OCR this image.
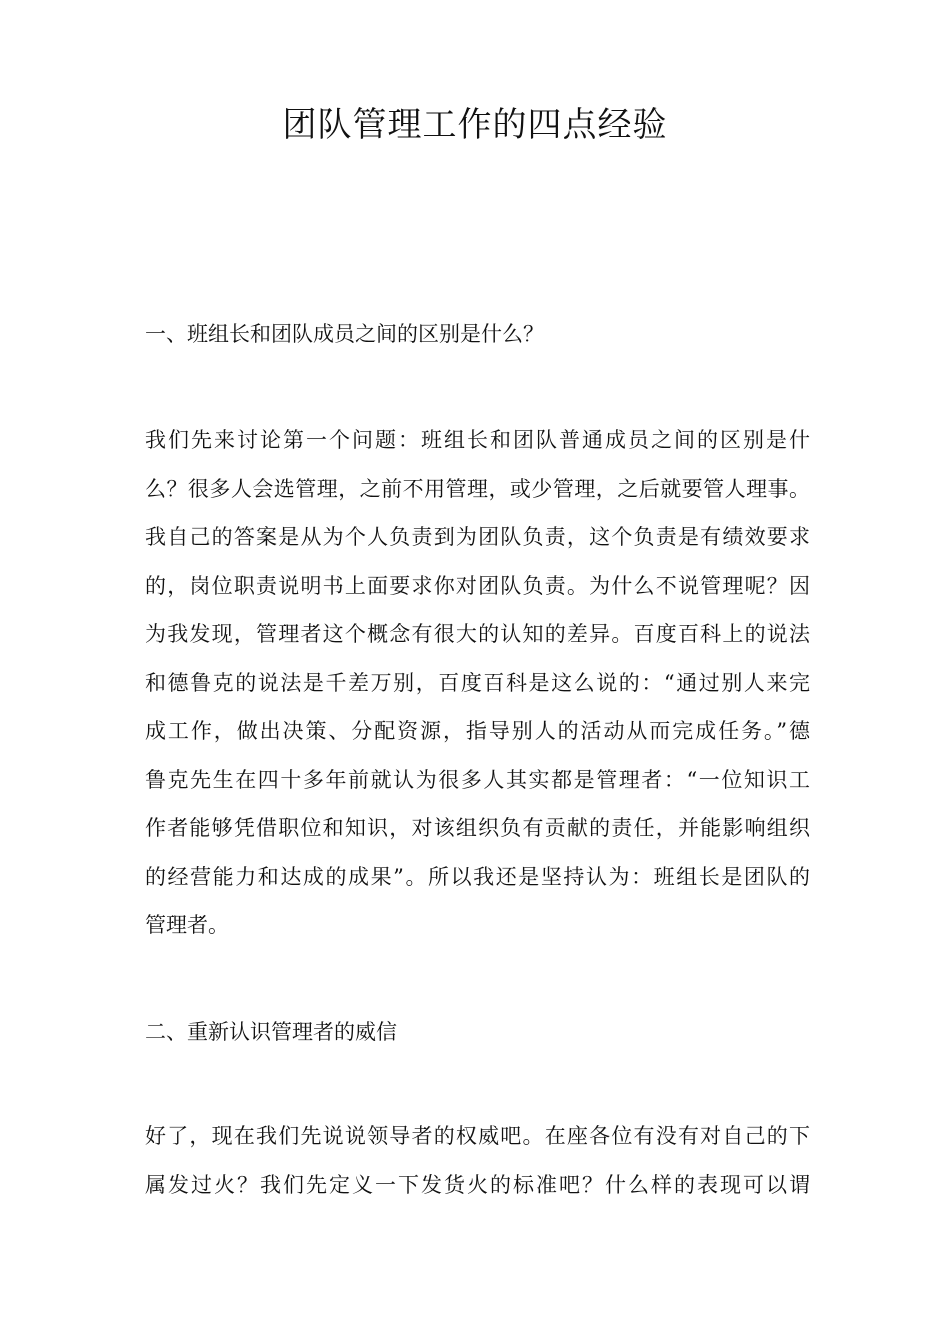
团队管理工作的四点经验
一、班组长和团队成员之间的区别是什么？

我们先来讨论第一个问题：班组长和团队普通成员之间的区别是什
么？很多人会选管理，之前不用管理，或少管理，之后就要管人理事。
我自己的答案是从为个人负责到为团队负责，这个负责是有绩效要求
的，岗位职责说明书上面要求你对团队负责。为什么不说管理呢？因
为我发现，管理者这个概念有很大的认知的差异。百度百科上的说法
和德鲁克的说法是千差万别，百度百科是这么说的：“通过别人来完
成工作，做出决策、分配资源，指导别人的活动从而完成任务。”德
鲁克先生在四十多年前就认为很多人其实都是管理者：“一位知识工
作者能够凭借职位和知识，对该组织负有贡献的责任，并能影响组织
的经营能力和达成的成果”。所以我还是坚持认为：班组长是团队的
管理者。

二、重新认识管理者的威信

好了，现在我们先说说领导者的权威吧。在座各位有没有对自己的下
属发过火？我们先定义一下发货火的标准吧？什么样的表现可以谓
